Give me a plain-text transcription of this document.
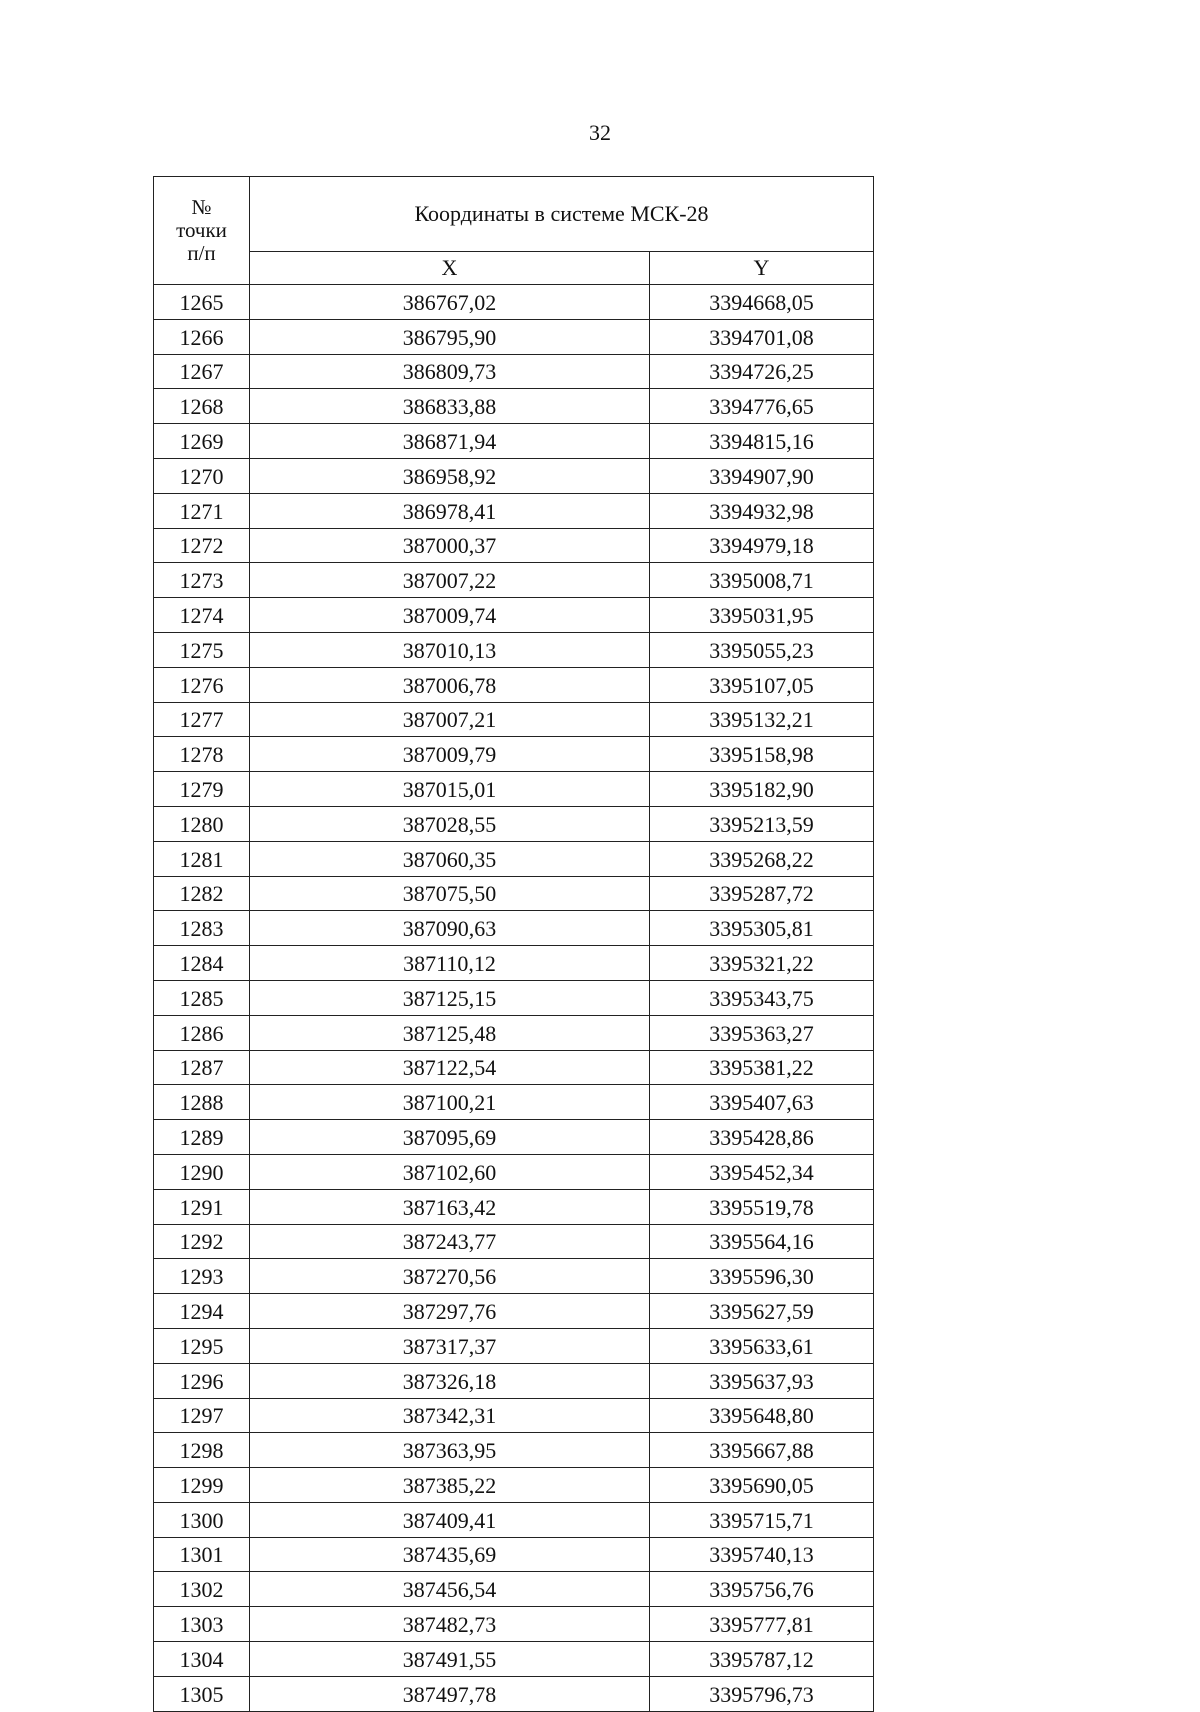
32
№
точки
п/п	Координаты в системе МСК-28	
	X	Y
1265	386767,02	3394668,05
1266	386795,90	3394701,08
1267	386809,73	3394726,25
1268	386833,88	3394776,65
1269	386871,94	3394815,16
1270	386958,92	3394907,90
1271	386978,41	3394932,98
1272	387000,37	3394979,18
1273	387007,22	3395008,71
1274	387009,74	3395031,95
1275	387010,13	3395055,23
1276	387006,78	3395107,05
1277	387007,21	3395132,21
1278	387009,79	3395158,98
1279	387015,01	3395182,90
1280	387028,55	3395213,59
1281	387060,35	3395268,22
1282	387075,50	3395287,72
1283	387090,63	3395305,81
1284	387110,12	3395321,22
1285	387125,15	3395343,75
1286	387125,48	3395363,27
1287	387122,54	3395381,22
1288	387100,21	3395407,63
1289	387095,69	3395428,86
1290	387102,60	3395452,34
1291	387163,42	3395519,78
1292	387243,77	3395564,16
1293	387270,56	3395596,30
1294	387297,76	3395627,59
1295	387317,37	3395633,61
1296	387326,18	3395637,93
1297	387342,31	3395648,80
1298	387363,95	3395667,88
1299	387385,22	3395690,05
1300	387409,41	3395715,71
1301	387435,69	3395740,13
1302	387456,54	3395756,76
1303	387482,73	3395777,81
1304	387491,55	3395787,12
1305	387497,78	3395796,73
